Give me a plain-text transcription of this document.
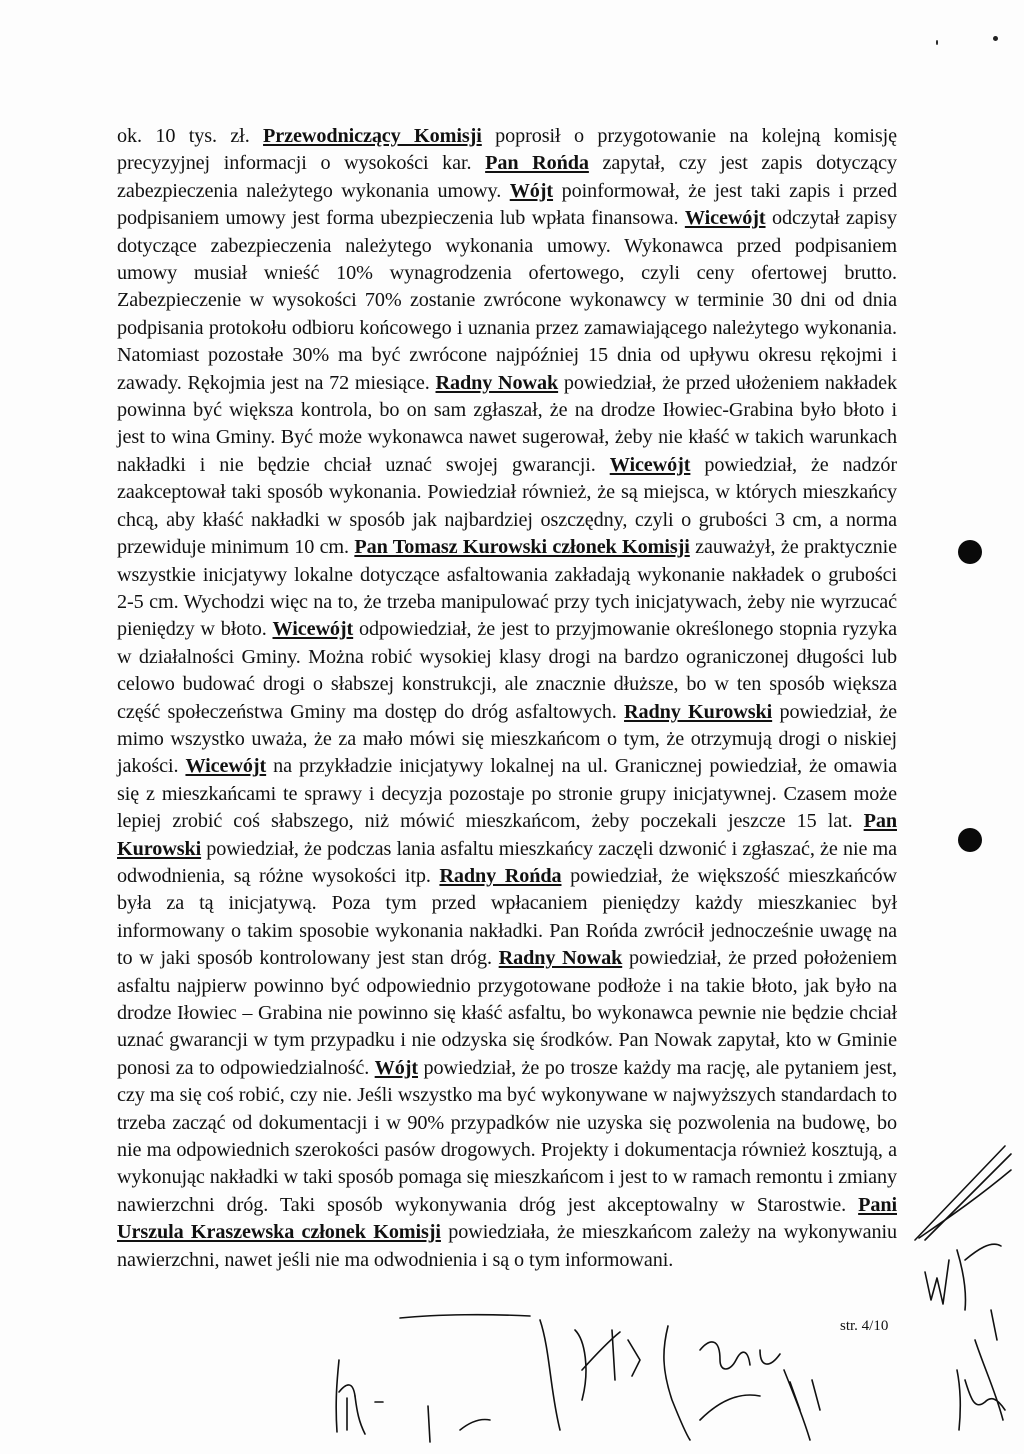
ok. 10 tys. zł. Przewodniczący Komisji poprosił o przygotowanie na kolejną komisję precyzyjnej informacji o wysokości kar. Pan Rońda zapytał, czy jest zapis dotyczący zabezpieczenia należytego wykonania umowy. Wójt poinformował, że jest taki zapis i przed podpisaniem umowy jest forma ubezpieczenia lub wpłata finansowa. Wicewójt odczytał zapisy dotyczące zabezpieczenia należytego wykonania umowy. Wykonawca przed podpisaniem umowy musiał wnieść 10% wynagrodzenia ofertowego, czyli ceny ofertowej brutto. Zabezpieczenie w wysokości 70% zostanie zwrócone wykonawcy w terminie 30 dni od dnia podpisania protokołu odbioru końcowego i uznania przez zamawiającego należytego wykonania. Natomiast pozostałe 30% ma być zwrócone najpóźniej 15 dnia od upływu okresu rękojmi i zawady. Rękojmia jest na 72 miesiące. Radny Nowak powiedział, że przed ułożeniem nakładek powinna być większa kontrola, bo on sam zgłaszał, że na drodze Iłowiec-Grabina było błoto i jest to wina Gminy. Być może wykonawca nawet sugerował, żeby nie kłaść w takich warunkach nakładki i nie będzie chciał uznać swojej gwarancji. Wicewójt powiedział, że nadzór zaakceptował taki sposób wykonania. Powiedział również, że są miejsca, w których mieszkańcy chcą, aby kłaść nakładki w sposób jak najbardziej oszczędny, czyli o grubości 3 cm, a norma przewiduje minimum 10 cm. Pan Tomasz Kurowski członek Komisji zauważył, że praktycznie wszystkie inicjatywy lokalne dotyczące asfaltowania zakładają wykonanie nakładek o grubości 2-5 cm. Wychodzi więc na to, że trzeba manipulować przy tych inicjatywach, żeby nie wyrzucać pieniędzy w błoto. Wicewójt odpowiedział, że jest to przyjmowanie określonego stopnia ryzyka w działalności Gminy. Można robić wysokiej klasy drogi na bardzo ograniczonej długości lub celowo budować drogi o słabszej konstrukcji, ale znacznie dłuższe, bo w ten sposób większa część społeczeństwa Gminy ma dostęp do dróg asfaltowych. Radny Kurowski powiedział, że mimo wszystko uważa, że za mało mówi się mieszkańcom o tym, że otrzymują drogi o niskiej jakości. Wicewójt na przykładzie inicjatywy lokalnej na ul. Granicznej powiedział, że omawia się z mieszkańcami te sprawy i decyzja pozostaje po stronie grupy inicjatywnej. Czasem może lepiej zrobić coś słabszego, niż mówić mieszkańcom, żeby poczekali jeszcze 15 lat. Pan Kurowski powiedział, że podczas lania asfaltu mieszkańcy zaczęli dzwonić i zgłaszać, że nie ma odwodnienia, są różne wysokości itp. Radny Rońda powiedział, że większość mieszkańców była za tą inicjatywą. Poza tym przed wpłacaniem pieniędzy każdy mieszkaniec był informowany o takim sposobie wykonania nakładki. Pan Rońda zwrócił jednocześnie uwagę na to w jaki sposób kontrolowany jest stan dróg. Radny Nowak powiedział, że przed położeniem asfaltu najpierw powinno być odpowiednio przygotowane podłoże i na takie błoto, jak było na drodze Iłowiec – Grabina nie powinno się kłaść asfaltu, bo wykonawca pewnie nie będzie chciał uznać gwarancji w tym przypadku i nie odzyska się środków. Pan Nowak zapytał, kto w Gminie ponosi za to odpowiedzialność. Wójt powiedział, że po trosze każdy ma rację, ale pytaniem jest, czy ma się coś robić, czy nie. Jeśli wszystko ma być wykonywane w najwyższych standardach to trzeba zacząć od dokumentacji i w 90% przypadków nie uzyska się pozwolenia na budowę, bo nie ma odpowiednich szerokości pasów drogowych. Projekty i dokumentacja również kosztują, a wykonując nakładki w taki sposób pomaga się mieszkańcom i jest to w ramach remontu i zmiany nawierzchni dróg. Taki sposób wykonywania dróg jest akceptowalny w Starostwie. Pani Urszula Kraszewska członek Komisji powiedziała, że mieszkańcom zależy na wykonywaniu nawierzchni, nawet jeśli nie ma odwodnienia i są o tym informowani.

str. 4/10
